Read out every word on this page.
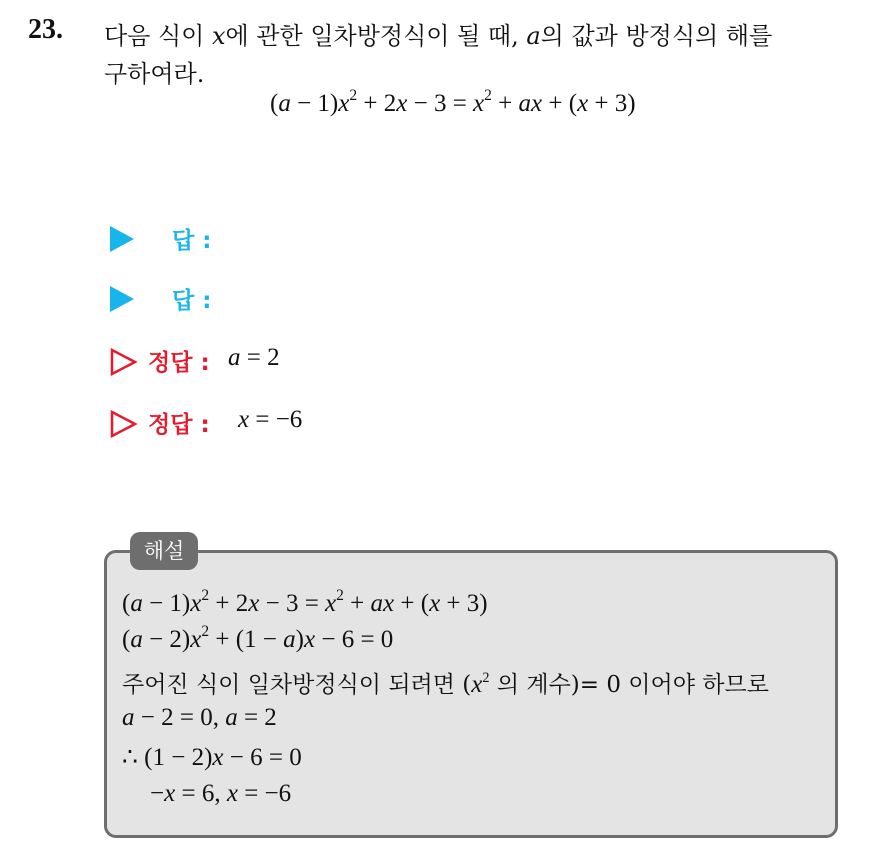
23. 다음 식이 x에 관한 일차방정식이 될 때, a의 값과 방정식의 해를
구하여라.
$(a - 1)x^2 + 2x - 3 = x^2$ + ax + (x + 3)
답 :
답 :
정답 : a = 2
정답 : x = −6
해설
$(a - 1)x^2 + 2x - 3 = x^2$ + ax + (x + 3)
$(a - 2)x^2 + (1 - a)x - 6 = 0$
주어진 식이 일차방정식이 되려면 ($x^2$ 의 계수)= 0 이어야 하므로
a − 2 = 0, a = 2
∴ (1 − 2)x − 6 = 0
−x = 6, x = −6
